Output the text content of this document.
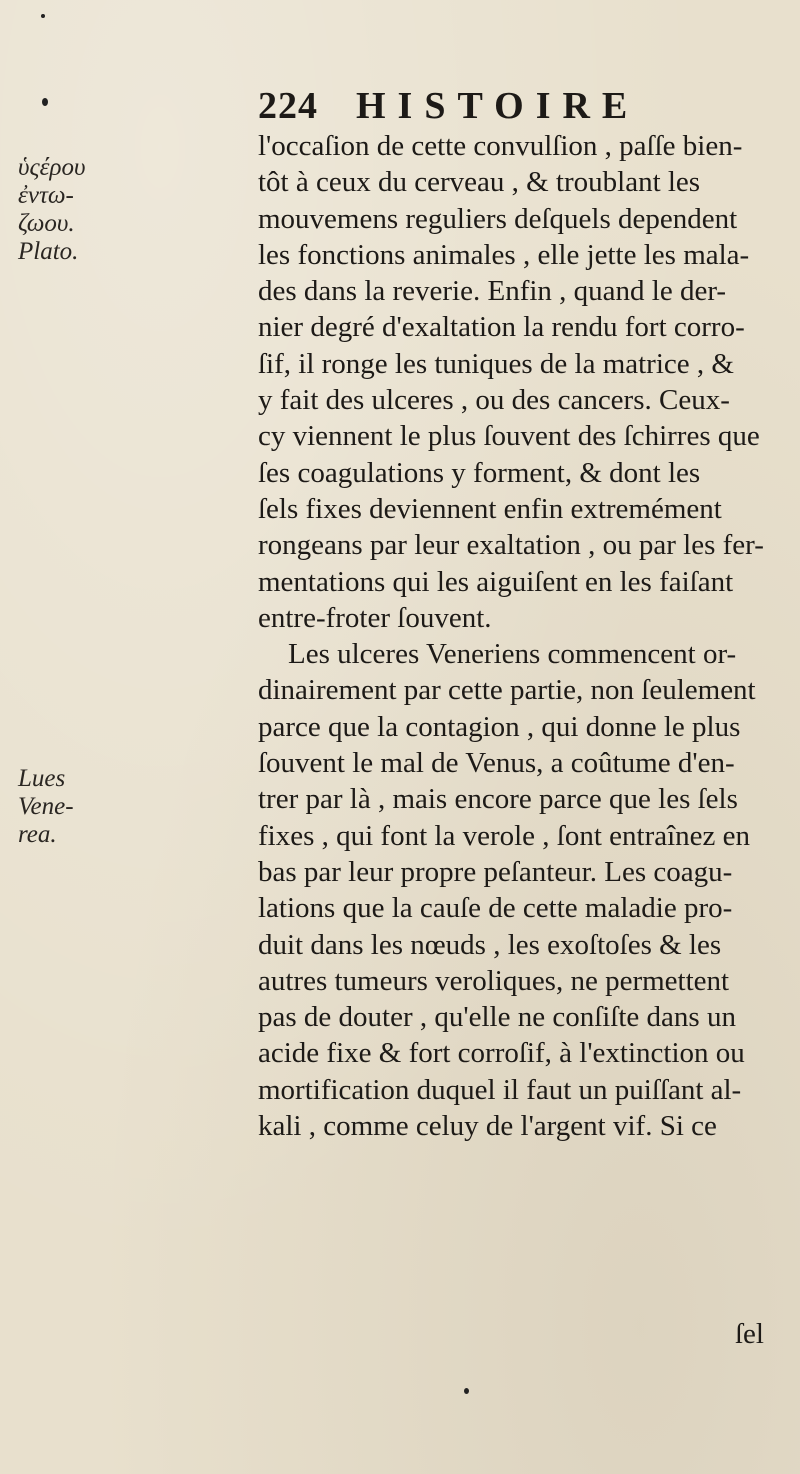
224 HISTOIRE
ὑςέρου
ἐντω-
ζωου.
Plato.
Lues
Vene-
rea.
l'occaſion de cette convulſion , paſſe bien-
tôt à ceux du cerveau , & troublant les
mouvemens reguliers deſquels dependent
les fonctions animales , elle jette les mala-
des dans la reverie. Enfin , quand le der-
nier degré d'exaltation la rendu fort corro-
ſif, il ronge les tuniques de la matrice , &
y fait des ulceres , ou des cancers. Ceux-
cy viennent le plus ſouvent des ſchirres que
ſes coagulations y forment, & dont les
ſels fixes deviennent enfin extremément
rongeans par leur exaltation , ou par les fer-
mentations qui les aiguiſent en les faiſant
entre-froter ſouvent.
Les ulceres Veneriens commencent or-
dinairement par cette partie, non ſeulement
parce que la contagion , qui donne le plus
ſouvent le mal de Venus, a coûtume d'en-
trer par là , mais encore parce que les ſels
fixes , qui font la verole , ſont entraînez en
bas par leur propre peſanteur. Les coagu-
lations que la cauſe de cette maladie pro-
duit dans les nœuds , les exoſtoſes & les
autres tumeurs veroliques, ne permettent
pas de douter , qu'elle ne conſiſte dans un
acide fixe & fort corroſif, à l'extinction ou
mortification duquel il faut un puiſſant al-
kali , comme celuy de l'argent vif. Si ce
ſel
